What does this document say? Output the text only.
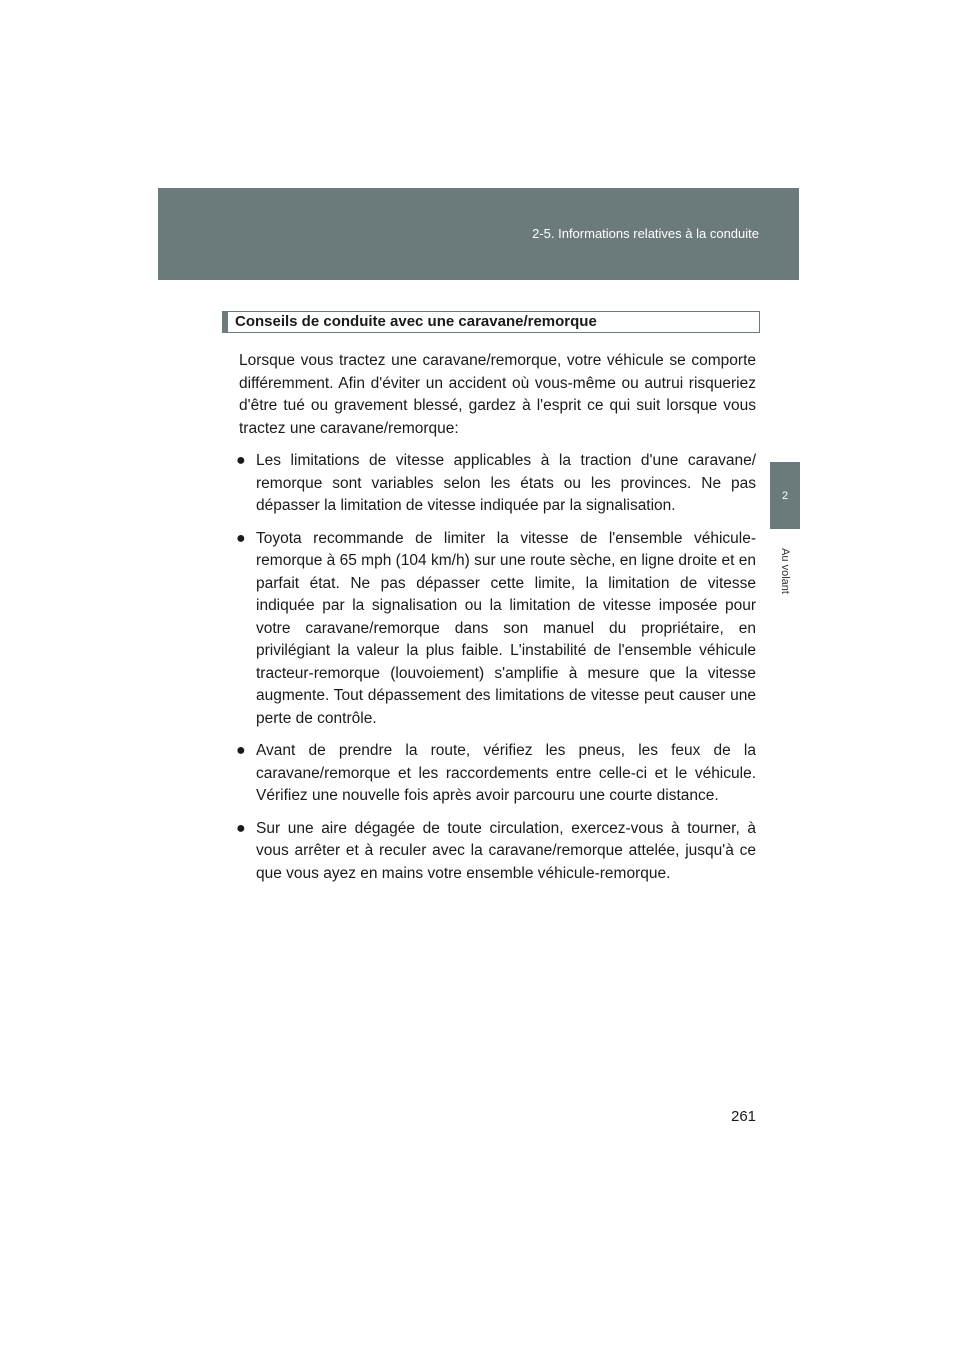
2-5. Informations relatives à la conduite
2
Au volant
Conseils de conduite avec une caravane/remorque

Lorsque vous tractez une caravane/remorque, votre véhicule se comporte différemment. Afin d'éviter un accident où vous-même ou autrui risqueriez d'être tué ou gravement blessé, gardez à l'esprit ce qui suit lorsque vous tractez une caravane/remorque:

● Les limitations de vitesse applicables à la traction d'une caravane/ remorque sont variables selon les états ou les provinces. Ne pas dépasser la limitation de vitesse indiquée par la signalisation.
● Toyota recommande de limiter la vitesse de l'ensemble véhicule-remorque à 65 mph (104 km/h) sur une route sèche, en ligne droite et en parfait état. Ne pas dépasser cette limite, la limitation de vitesse indiquée par la signalisation ou la limitation de vitesse imposée pour votre caravane/remorque dans son manuel du propriétaire, en privilégiant la valeur la plus faible. L'instabilité de l'ensemble véhicule tracteur-remorque (louvoiement) s'amplifie à mesure que la vitesse augmente. Tout dépassement des limitations de vitesse peut causer une perte de contrôle.
● Avant de prendre la route, vérifiez les pneus, les feux de la caravane/remorque et les raccordements entre celle-ci et le véhicule. Vérifiez une nouvelle fois après avoir parcouru une courte distance.
● Sur une aire dégagée de toute circulation, exercez-vous à tourner, à vous arrêter et à reculer avec la caravane/remorque attelée, jusqu'à ce que vous ayez en mains votre ensemble véhicule-remorque.
261
